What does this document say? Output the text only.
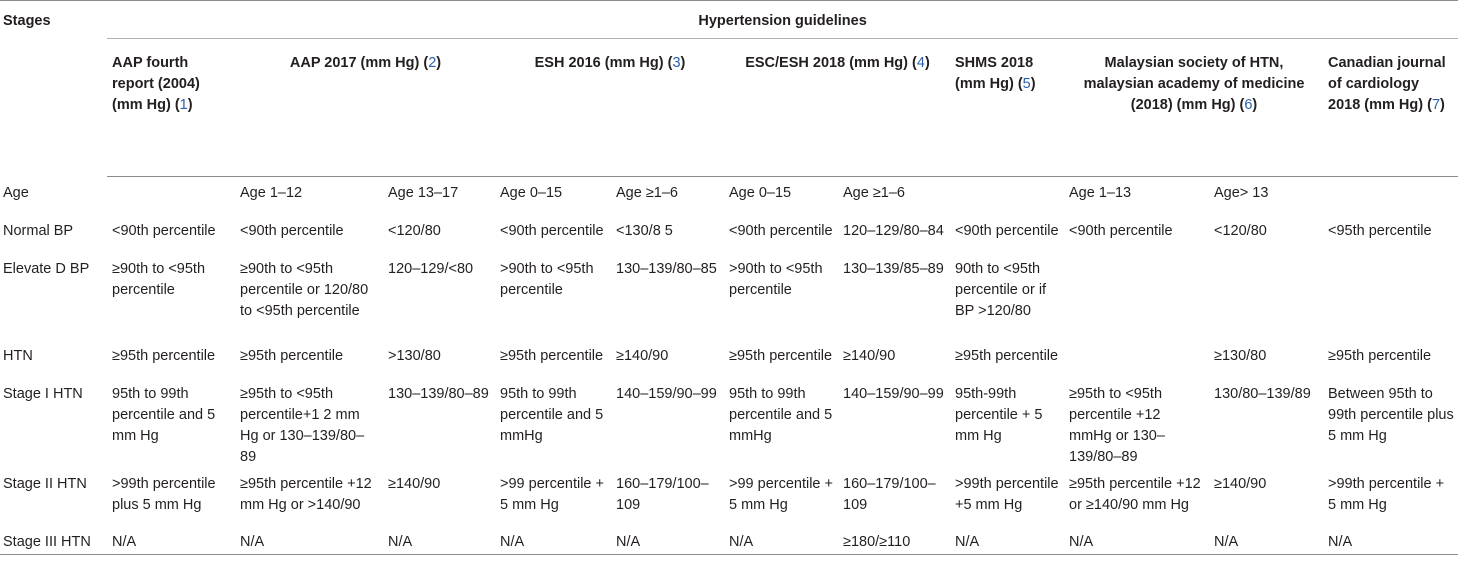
Stages	Hypertension guidelines										
	AAP fourth report (2004) (mm Hg) (1)	AAP 2017 (mm Hg) (2)		ESH 2016 (mm Hg) (3)		ESC/ESH 2018 (mm Hg) (4)		SHMS 2018 (mm Hg) (5)	Malaysian society of HTN, malaysian academy of medicine (2018) (mm Hg) (6)		Canadian journal of cardiology 2018 (mm Hg) (7)
Age		Age 1–12	Age 13–17	Age 0–15	Age ≥1–6	Age 0–15	Age ≥1–6		Age 1–13	Age> 13	
Normal BP	<90th percentile	<90th percentile	<120/80	<90th percentile	<130/8 5	<90th percentile	120–129/80–84	<90th percentile	<90th percentile	<120/80	<95th percentile
Elevate D BP	≥90th to <95th percentile	≥90th to <95th percentile or 120/80 to <95th percentile	120–129/<80	>90th to <95th percentile	130–139/80–85	>90th to <95th percentile	130–139/85–89	90th to <95th percentile or if BP >120/80			
HTN	≥95th percentile	≥95th percentile	>130/80	≥95th percentile	≥140/90	≥95th percentile	≥140/90	≥95th percentile		≥130/80	≥95th percentile
Stage I HTN	95th to 99th percentile and 5 mm Hg	≥95th to <95th percentile+1 2 mm Hg or 130–139/80–89	130–139/80–89	95th to 99th percentile and 5 mmHg	140–159/90–99	95th to 99th percentile and 5 mmHg	140–159/90–99	95th-99th percentile + 5 mm Hg	≥95th to <95th percentile +12 mmHg or 130–139/80–89	130/80–139/89	Between 95th to 99th percentile plus 5 mm Hg
Stage II HTN	>99th percentile plus 5 mm Hg	≥95th percentile +12 mm Hg or >140/90	≥140/90	>99 percentile + 5 mm Hg	160–179/100–109	>99 percentile + 5 mm Hg	160–179/100–109	>99th percentile +5 mm Hg	≥95th percentile +12 or ≥140/90 mm Hg	≥140/90	>99th percentile + 5 mm Hg
Stage III HTN	N/A	N/A	N/A	N/A	N/A	N/A	≥180/≥110	N/A	N/A	N/A	N/A
